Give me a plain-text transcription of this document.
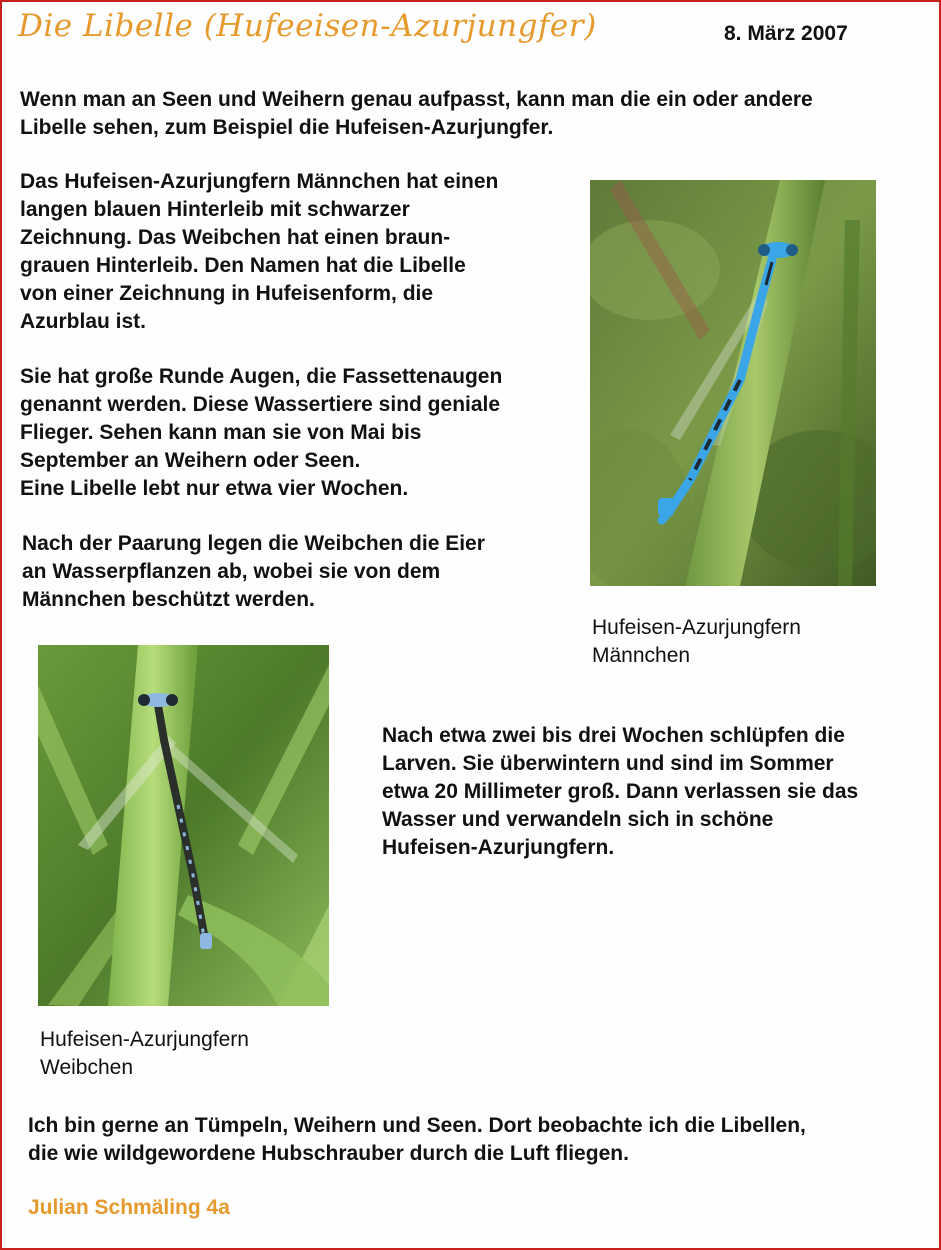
Die Libelle (Hufeeisen-Azurjungfer)	8. März 2007
Wenn man an Seen und Weihern genau aufpasst, kann man die ein oder andere
Libelle sehen, zum Beispiel die Hufeisen-Azurjungfer.
Das Hufeisen-Azurjungfern Männchen hat einen
langen blauen Hinterleib mit schwarzer
Zeichnung. Das Weibchen hat einen braun-
grauen Hinterleib. Den Namen hat die Libelle
von einer Zeichnung in Hufeisenform, die
Azurblau ist.
Sie hat große Runde Augen, die Fassettenaugen
genannt werden. Diese Wassertiere sind geniale
Flieger. Sehen kann man sie von Mai bis
September an Weihern oder Seen.
Eine Libelle lebt nur etwa vier Wochen.
Nach der Paarung legen die Weibchen die Eier
an Wasserpflanzen ab, wobei sie von dem
Männchen beschützt werden.
Hufeisen-Azurjungfern
Männchen
Hufeisen-Azurjungfern
Weibchen
Nach etwa zwei bis drei Wochen schlüpfen die
Larven. Sie überwintern und sind im Sommer
etwa 20 Millimeter groß. Dann verlassen sie das
Wasser und verwandeln sich in schöne
Hufeisen-Azurjungfern.
Ich bin gerne an Tümpeln, Weihern und Seen. Dort beobachte ich die Libellen,
die wie wildgewordene Hubschrauber durch die Luft fliegen.
Julian Schmäling 4a
